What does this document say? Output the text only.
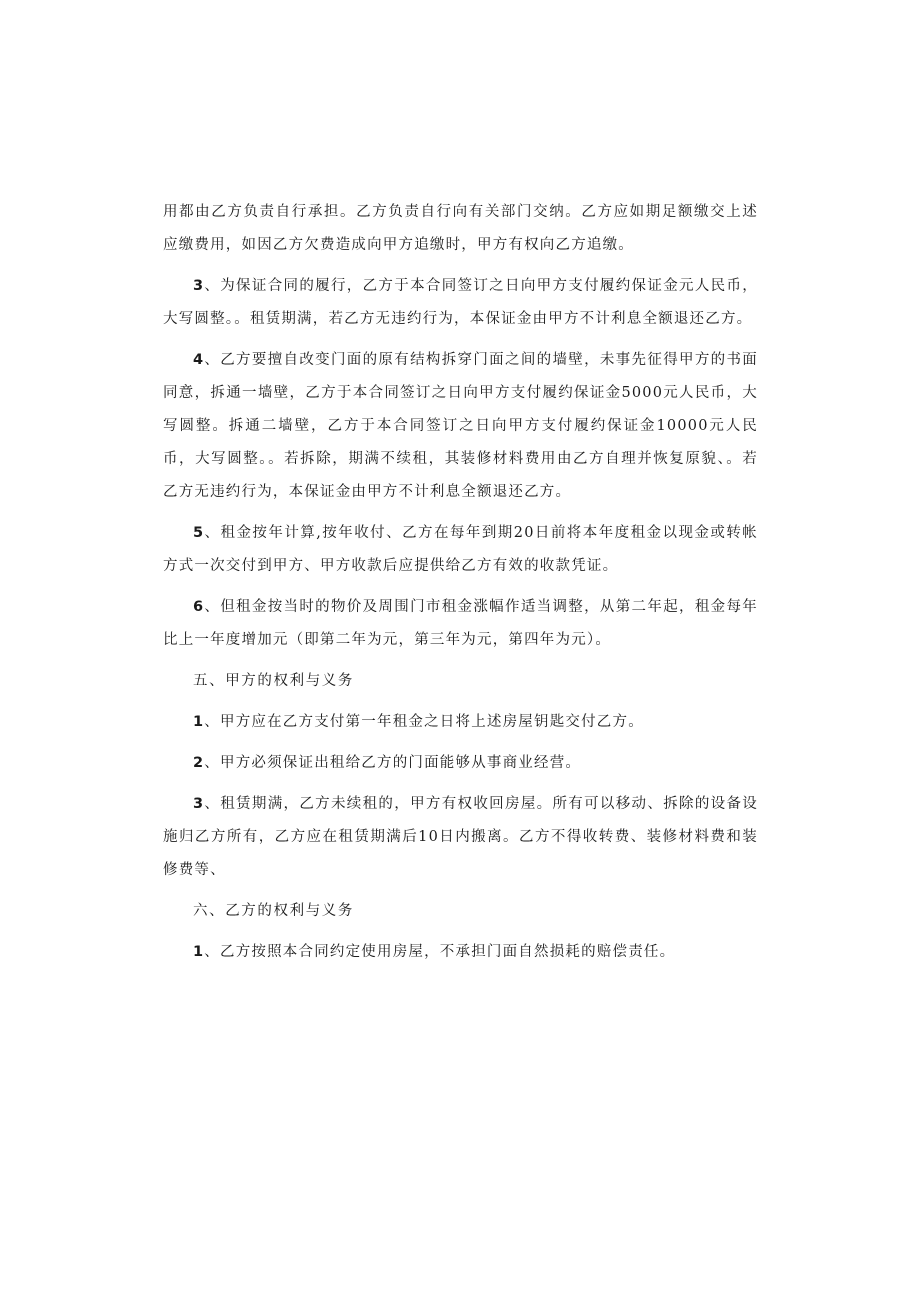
用都由乙方负责自行承担。乙方负责自行向有关部门交纳。乙方应如期足额缴交上述应缴费用，如因乙方欠费造成向甲方追缴时，甲方有权向乙方追缴。

3、为保证合同的履行，乙方于本合同签订之日向甲方支付履约保证金元人民币，大写圆整。。租赁期满，若乙方无违约行为，本保证金由甲方不计利息全额退还乙方。

4、乙方要擅自改变门面的原有结构拆穿门面之间的墙壁，未事先征得甲方的书面同意，拆通一墙壁，乙方于本合同签订之日向甲方支付履约保证金5000元人民币，大写圆整。拆通二墙壁，乙方于本合同签订之日向甲方支付履约保证金10000元人民币，大写圆整。。若拆除，期满不续租，其装修材料费用由乙方自理并恢复原貌、。若乙方无违约行为，本保证金由甲方不计利息全额退还乙方。

5、租金按年计算,按年收付、乙方在每年到期20日前将本年度租金以现金或转帐方式一次交付到甲方、甲方收款后应提供给乙方有效的收款凭证。

6、但租金按当时的物价及周围门市租金涨幅作适当调整，从第二年起，租金每年比上一年度增加元（即第二年为元，第三年为元，第四年为元）。

五、甲方的权利与义务

1、甲方应在乙方支付第一年租金之日将上述房屋钥匙交付乙方。

2、甲方必须保证出租给乙方的门面能够从事商业经营。

3、租赁期满，乙方未续租的，甲方有权收回房屋。所有可以移动、拆除的设备设施归乙方所有，乙方应在租赁期满后10日内搬离。乙方不得收转费、装修材料费和装修费等、

六、乙方的权利与义务

1、乙方按照本合同约定使用房屋，不承担门面自然损耗的赔偿责任。
